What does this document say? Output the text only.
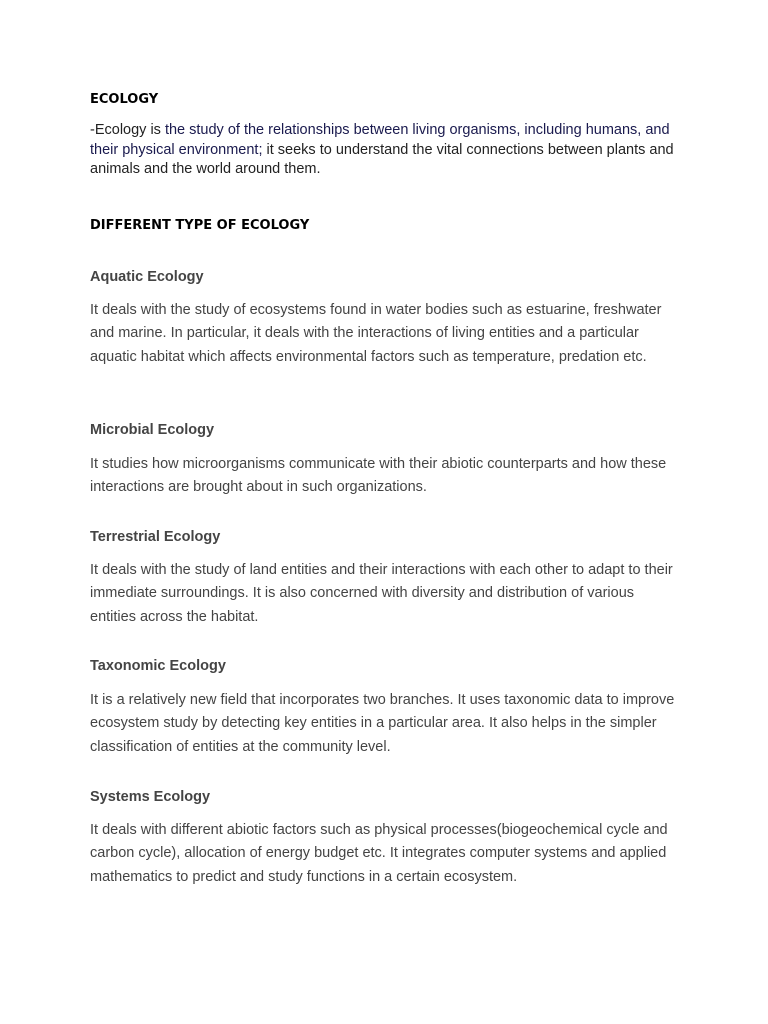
ECOLOGY

-Ecology is the study of the relationships between living organisms, including humans, and their physical environment; it seeks to understand the vital connections between plants and animals and the world around them.

DIFFERENT TYPE OF ECOLOGY
Aquatic Ecology

It deals with the study of ecosystems found in water bodies such as estuarine, freshwater and marine. In particular, it deals with the interactions of living entities and a particular aquatic habitat which affects environmental factors such as temperature, predation etc.

Microbial Ecology

It studies how microorganisms communicate with their abiotic counterparts and how these interactions are brought about in such organizations.

Terrestrial Ecology

It deals with the study of land entities and their interactions with each other to adapt to their immediate surroundings. It is also concerned with diversity and distribution of various entities across the habitat.

Taxonomic Ecology

It is a relatively new field that incorporates two branches. It uses taxonomic data to improve ecosystem study by detecting key entities in a particular area. It also helps in the simpler classification of entities at the community level.

Systems Ecology

It deals with different abiotic factors such as physical processes(biogeochemical cycle and carbon cycle), allocation of energy budget etc. It integrates computer systems and applied mathematics to predict and study functions in a certain ecosystem.
